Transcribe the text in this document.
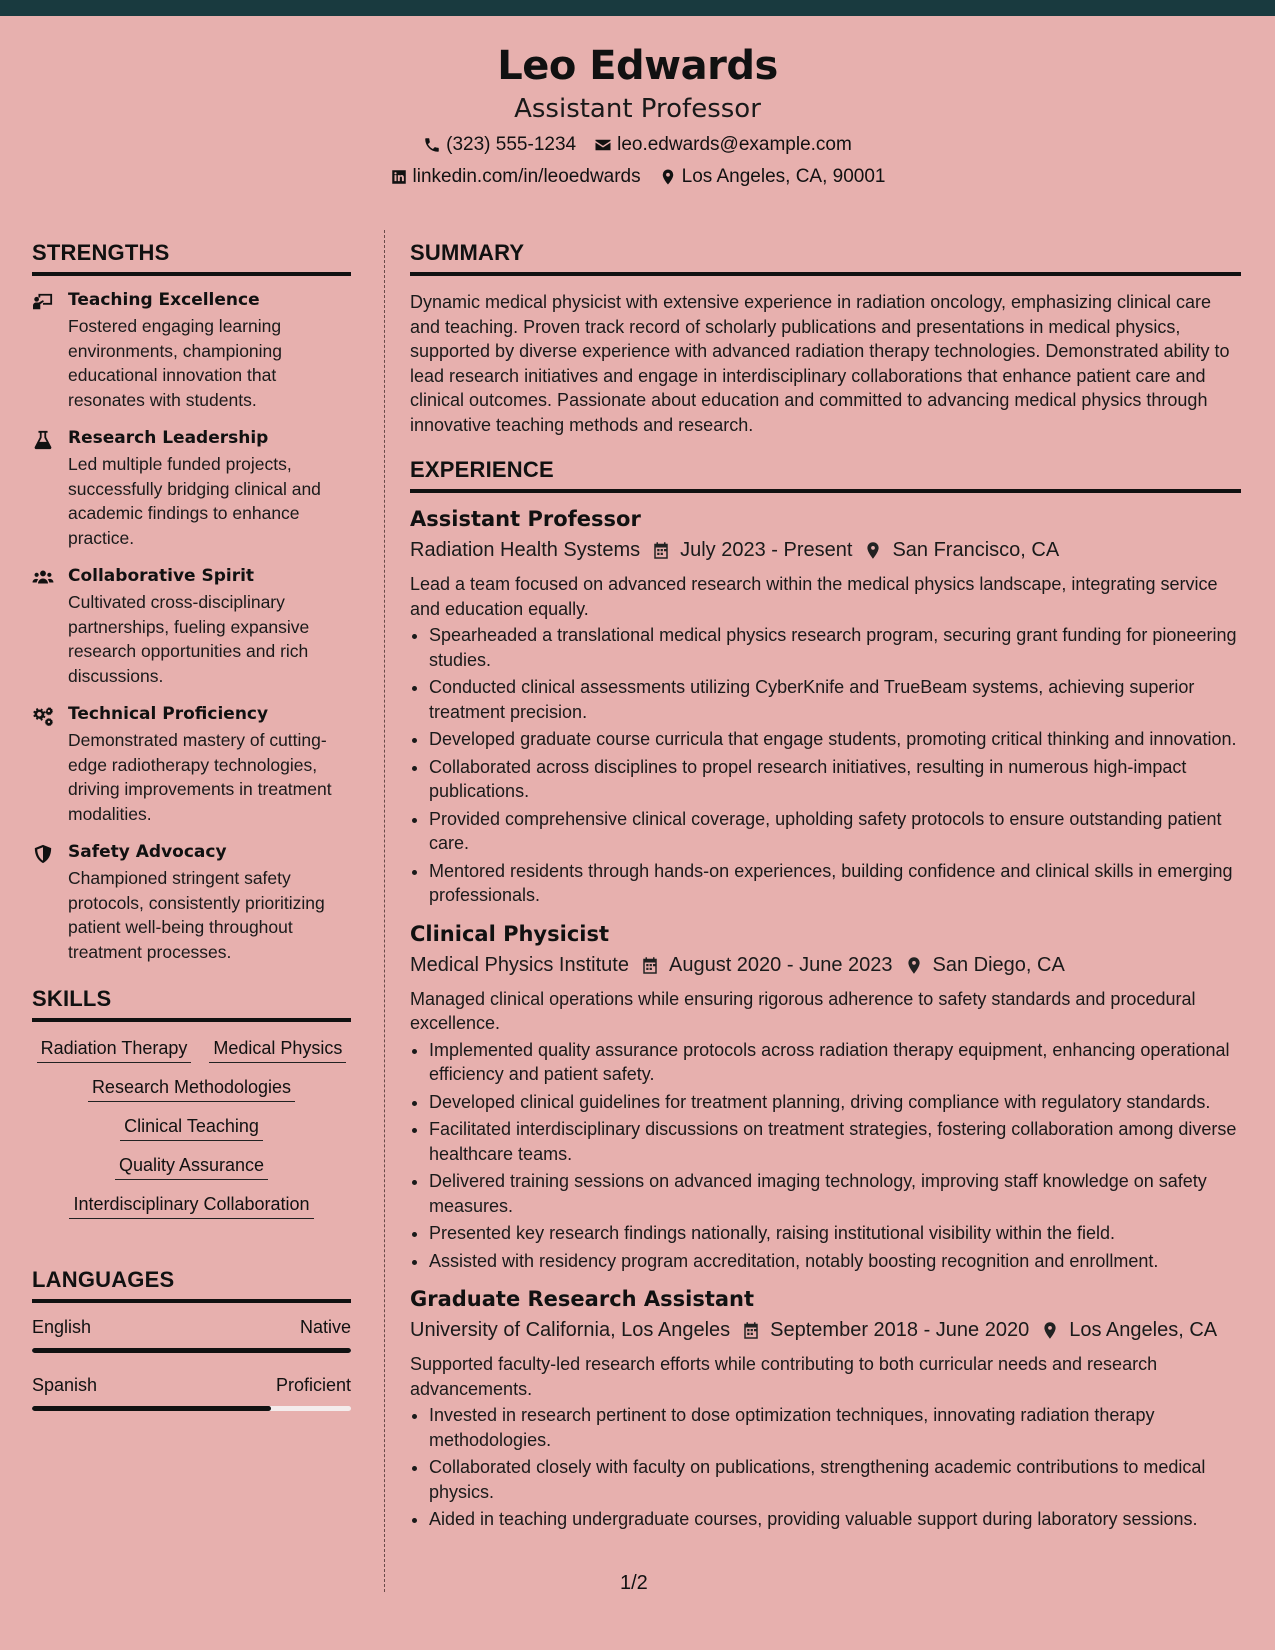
Leo Edwards
Assistant Professor
(323) 555-1234 leo.edwards@example.com
linkedin.com/in/leoedwards Los Angeles, CA, 90001
STRENGTHS
Teaching Excellence
Fostered engaging learning environments, championing educational innovation that resonates with students.
Research Leadership
Led multiple funded projects, successfully bridging clinical and academic findings to enhance practice.
Collaborative Spirit
Cultivated cross-disciplinary partnerships, fueling expansive research opportunities and rich discussions.
Technical Proficiency
Demonstrated mastery of cutting-edge radiotherapy technologies, driving improvements in treatment modalities.
Safety Advocacy
Championed stringent safety protocols, consistently prioritizing patient well-being throughout treatment processes.
SKILLS
Radiation Therapy Medical Physics
Research Methodologies
Clinical Teaching
Quality Assurance
Interdisciplinary Collaboration
LANGUAGES
English	Native
Spanish	Proficient
SUMMARY
Dynamic medical physicist with extensive experience in radiation oncology, emphasizing clinical care and teaching. Proven track record of scholarly publications and presentations in medical physics, supported by diverse experience with advanced radiation therapy technologies. Demonstrated ability to lead research initiatives and engage in interdisciplinary collaborations that enhance patient care and clinical outcomes. Passionate about education and committed to advancing medical physics through innovative teaching methods and research.
EXPERIENCE
Assistant Professor
Radiation Health Systems July 2023 - Present San Francisco, CA
Lead a team focused on advanced research within the medical physics landscape, integrating service and education equally.
• Spearheaded a translational medical physics research program, securing grant funding for pioneering studies.
• Conducted clinical assessments utilizing CyberKnife and TrueBeam systems, achieving superior treatment precision.
• Developed graduate course curricula that engage students, promoting critical thinking and innovation.
• Collaborated across disciplines to propel research initiatives, resulting in numerous high-impact publications.
• Provided comprehensive clinical coverage, upholding safety protocols to ensure outstanding patient care.
• Mentored residents through hands-on experiences, building confidence and clinical skills in emerging professionals.
Clinical Physicist
Medical Physics Institute August 2020 - June 2023 San Diego, CA
Managed clinical operations while ensuring rigorous adherence to safety standards and procedural excellence.
• Implemented quality assurance protocols across radiation therapy equipment, enhancing operational efficiency and patient safety.
• Developed clinical guidelines for treatment planning, driving compliance with regulatory standards.
• Facilitated interdisciplinary discussions on treatment strategies, fostering collaboration among diverse healthcare teams.
• Delivered training sessions on advanced imaging technology, improving staff knowledge on safety measures.
• Presented key research findings nationally, raising institutional visibility within the field.
• Assisted with residency program accreditation, notably boosting recognition and enrollment.
Graduate Research Assistant
University of California, Los Angeles September 2018 - June 2020 Los Angeles, CA
Supported faculty-led research efforts while contributing to both curricular needs and research advancements.
• Invested in research pertinent to dose optimization techniques, innovating radiation therapy methodologies.
• Collaborated closely with faculty on publications, strengthening academic contributions to medical physics.
• Aided in teaching undergraduate courses, providing valuable support during laboratory sessions.
1/2
